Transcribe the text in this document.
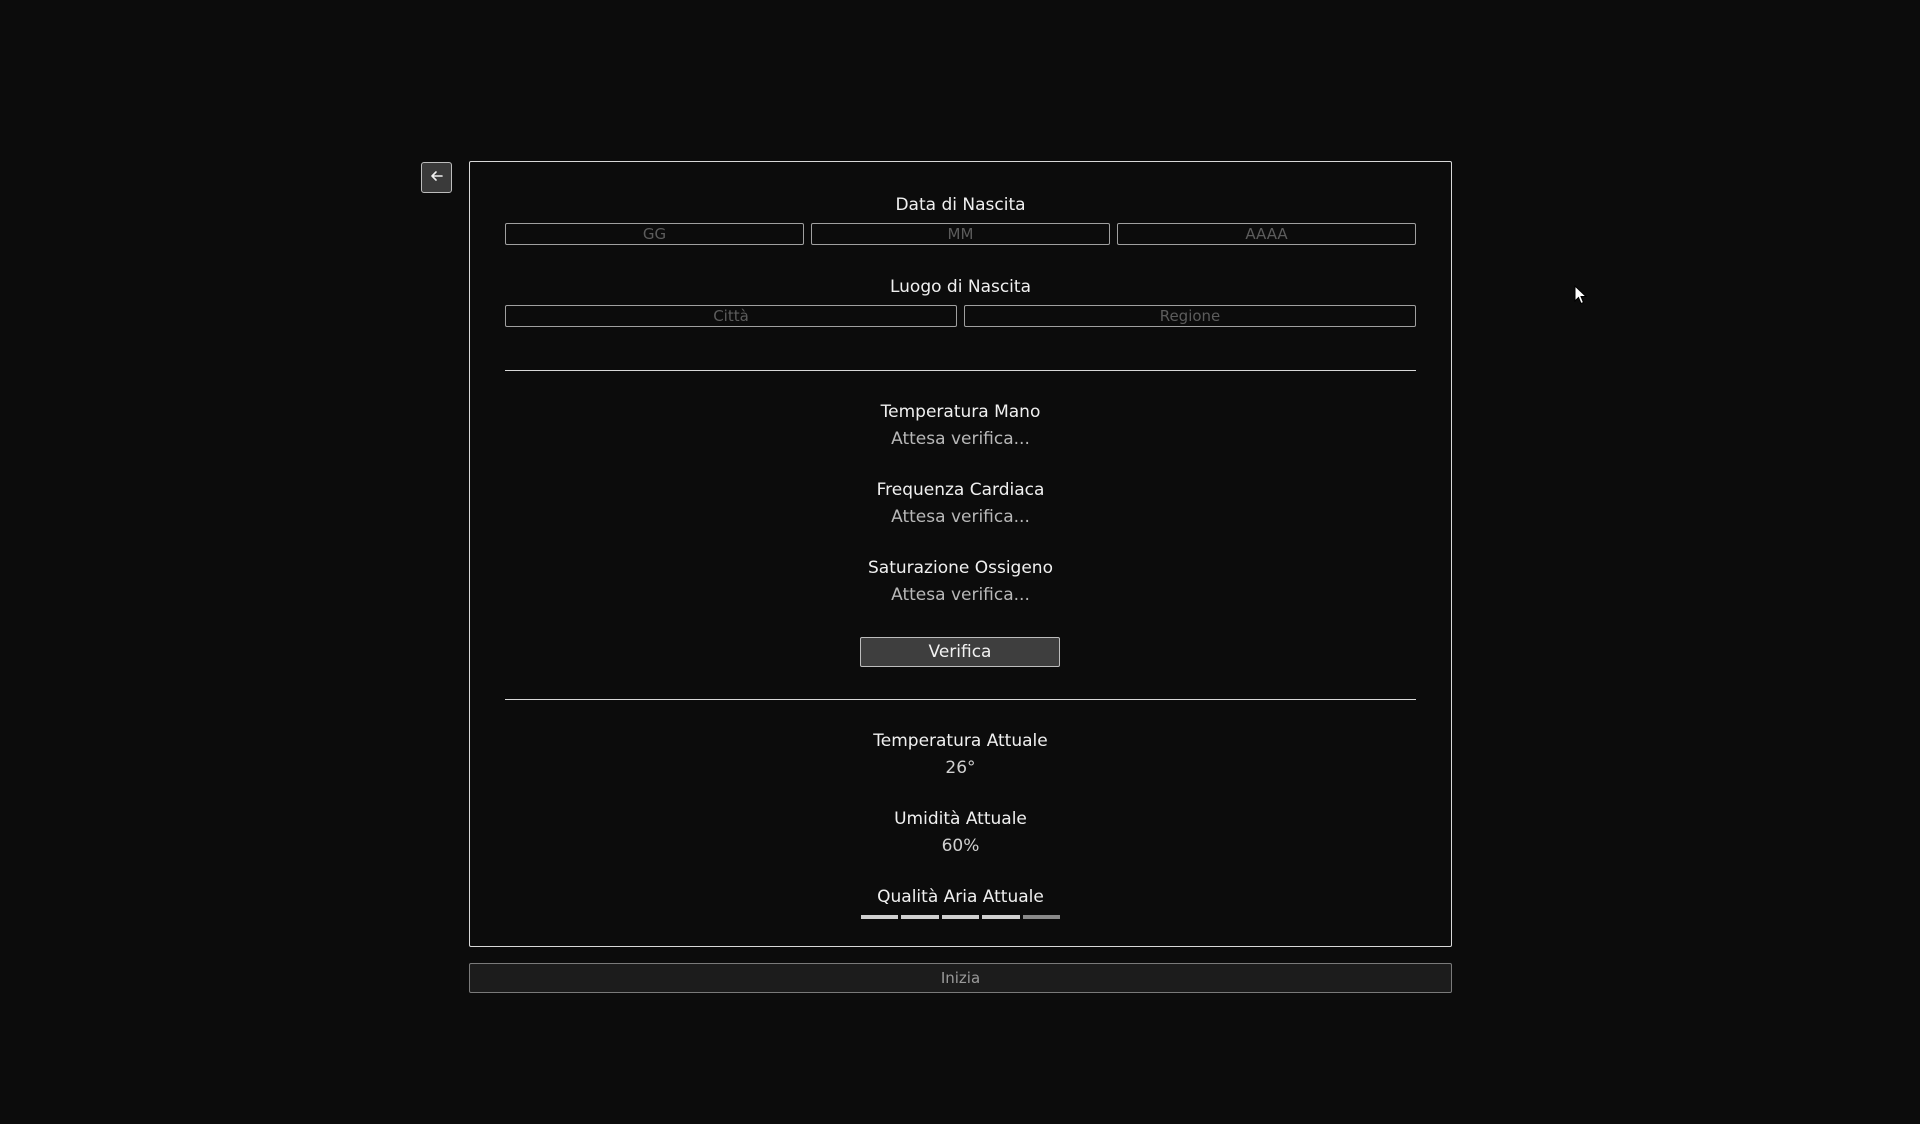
Data di Nascita
GG
MM
AAAA
Luogo di Nascita
Città
Regione
Temperatura Mano
Attesa verifica...
Frequenza Cardiaca
Attesa verifica...
Saturazione Ossigeno
Attesa verifica...
Verifica
Temperatura Attuale
26°
Umidità Attuale
60%
Qualità Aria Attuale
Inizia
